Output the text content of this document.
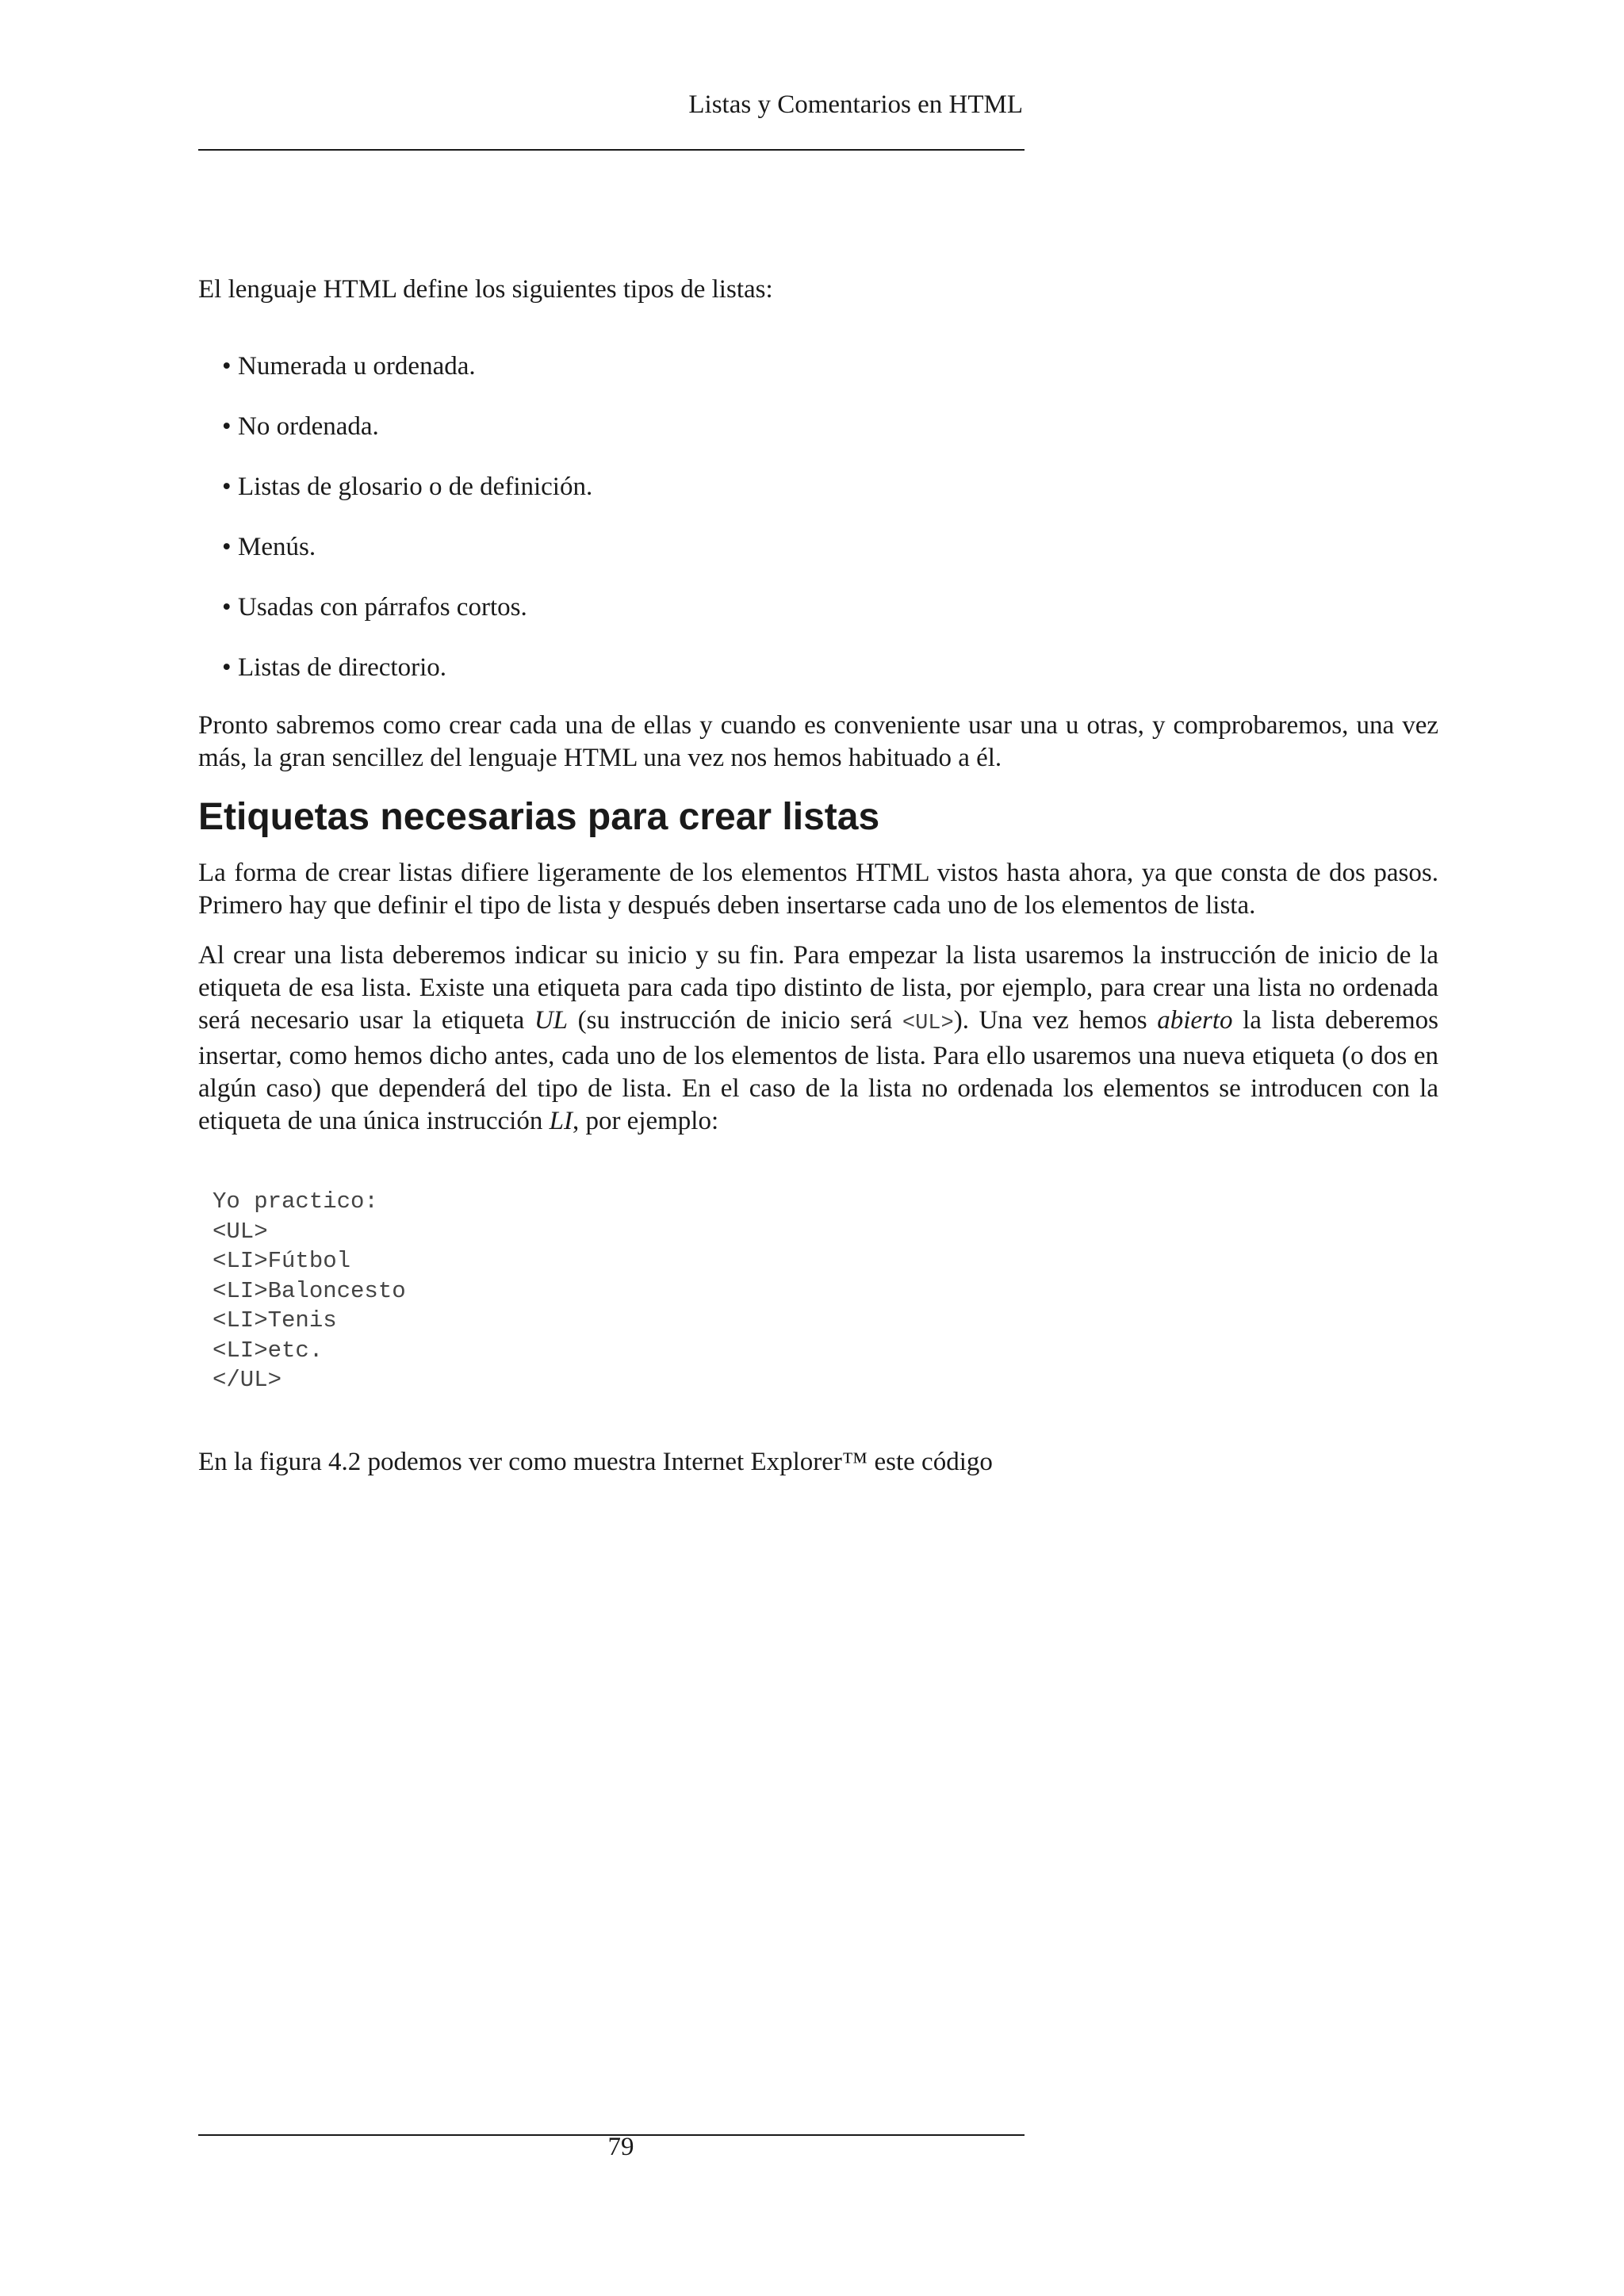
Listas y Comentarios en HTML

El lenguaje HTML define los siguientes tipos de listas:

• Numerada u ordenada.
• No ordenada.
• Listas de glosario o de definición.
• Menús.
• Usadas con párrafos cortos.
• Listas de directorio.

Pronto sabremos como crear cada una de ellas y cuando es conveniente usar una u otras, y comprobaremos, una vez más, la gran sencillez del lenguaje HTML una vez nos hemos habituado a él.

Etiquetas necesarias para crear listas

La forma de crear listas difiere ligeramente de los elementos HTML vistos hasta ahora, ya que consta de dos pasos. Primero hay que definir el tipo de lista y después deben insertarse cada uno de los elementos de lista.

Al crear una lista deberemos indicar su inicio y su fin. Para empezar la lista usaremos la instrucción de inicio de la etiqueta de esa lista. Existe una etiqueta para cada tipo distinto de lista, por ejemplo, para crear una lista no ordenada será necesario usar la etiqueta UL (su instrucción de inicio será <UL>). Una vez hemos abierto la lista deberemos insertar, como hemos dicho antes, cada uno de los elementos de lista. Para ello usaremos una nueva etiqueta (o dos en algún caso) que dependerá del tipo de lista. En el caso de la lista no ordenada los elementos se introducen con la etiqueta de una única instrucción LI, por ejemplo:

Yo practico:
<UL>
<LI>Fútbol
<LI>Baloncesto
<LI>Tenis
<LI>etc.
</UL>

En la figura 4.2 podemos ver como muestra Internet Explorer™ este código

79
